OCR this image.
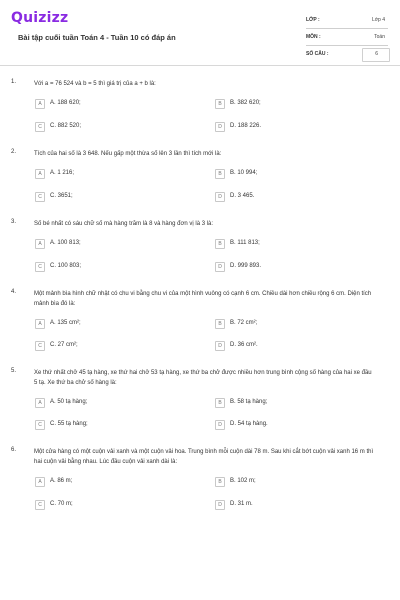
Quizizz
Bài tập cuối tuần Toán 4 - Tuần 10 có đáp án
LỚP :	Lớp 4
MÔN :	Toán
SỐ CÂU :	6
1.	Với a = 76 524 và b = 5 thì giá trị của a + b là:
A	A. 188 620;	B	B. 382 620;
C	C. 882 520;	D	D. 188 226.
2.	Tích của hai số là 3 648. Nếu gấp một thừa số lên 3 lần thì tích mới là:
A	A. 1 216;	B	B. 10 994;
C	C. 3651;	D	D. 3 465.
3.	Số bé nhất có sáu chữ số mà hàng trăm là 8 và hàng đơn vị là 3 là:
A	A. 100 813;	B	B. 111 813;
C	C. 100 803;	D	D. 999 893.
4.	Một mảnh bìa hình chữ nhật có chu vi bằng chu vi của một hình vuông có cạnh 6 cm. Chiều dài hơn chiều rộng 6 cm. Diện tích mảnh bìa đó là:
A	A. 135 cm²;	B	B. 72 cm²;
C	C. 27 cm²;	D	D. 36 cm².
5.	Xe thứ nhất chở 45 tạ hàng, xe thứ hai chở 53 tạ hàng, xe thứ ba chở được nhiều hơn trung bình cộng số hàng của hai xe đầu 5 tạ. Xe thứ ba chở số hàng là:
A	A. 50 tạ hàng;	B	B. 58 tạ hàng;
C	C. 55 tạ hàng;	D	D. 54 tạ hàng.
6.	Một cửa hàng có một cuộn vải xanh và một cuộn vải hoa. Trung bình mỗi cuộn dài 78 m. Sau khi cắt bớt cuộn vải xanh 16 m thì hai cuộn vải bằng nhau. Lúc đầu cuộn vải xanh dài là:
A	A. 86 m;	B	B. 102 m;
C	C. 70 m;	D	D. 31 m.
